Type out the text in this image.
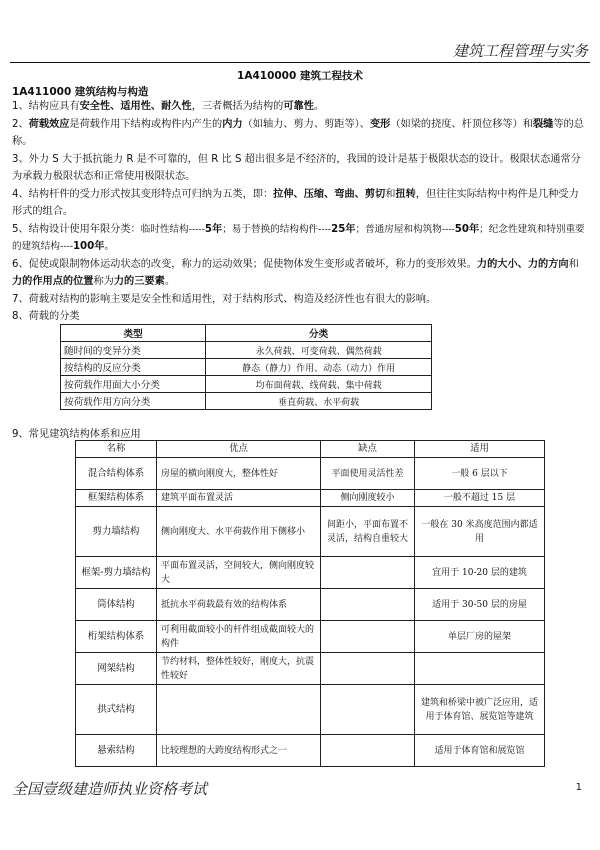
建筑工程管理与实务
1A410000 建筑工程技术
1A411000 建筑结构与构造

1、结构应具有安全性、适用性、耐久性，三者概括为结构的可靠性。

2、荷载效应是荷载作用下结构或构件内产生的内力（如轴力、剪力、剪距等）、变形（如梁的挠度、杆顶位移等）和裂缝等的总称。

3、外力 S 大于抵抗能力 R 是不可靠的，但 R 比 S 超出很多是不经济的，我国的设计是基于极限状态的设计。极限状态通常分为承载力极限状态和正常使用极限状态。

4、结构杆件的受力形式按其变形特点可归纳为五类，即：拉伸、压缩、弯曲、剪切和扭转，但往往实际结构中构件是几种受力形式的组合。

5、结构设计使用年限分类：临时性结构-----5年；易于替换的结构构件----25年；普通房屋和构筑物----50年；纪念性建筑和特别重要的建筑结构----100年。

6、促使或限制物体运动状态的改变，称力的运动效果；促使物体发生变形或者破坏，称力的变形效果。力的大小、力的方向和力的作用点的位置称为力的三要素。

7、荷载对结构的影响主要是安全性和适用性，对于结构形式、构造及经济性也有很大的影响。

8、荷载的分类

类型	分类
随时间的变异分类	永久荷载、可变荷载、偶然荷载
按结构的反应分类	静态（静力）作用、动态（动力）作用
按荷载作用面大小分类	均布面荷载、线荷载、集中荷载
按荷载作用方向分类	垂直荷载、水平荷载
9、常见建筑结构体系和应用
名称	优点	缺点	适用
混合结构体系	房屋的横向刚度大，整体性好	平面使用灵活性差	一般 6 层以下
框架结构体系	建筑平面布置灵活	侧向刚度较小	一般不超过 15 层
剪力墙结构	侧向刚度大、水平荷载作用下侧移小	间距小，平面布置不灵活，结构自重较大	一般在 30 米高度范围内都适用
框架-剪力墙结构	平面布置灵活，空间较大，侧向刚度较大		宜用于 10-20 层的建筑
筒体结构	抵抗水平荷载最有效的结构体系		适用于 30-50 层的房屋
桁架结构体系	可利用截面较小的杆件组成截面较大的构件		单层厂房的屋架
网架结构	节约材料，整体性较好，刚度大，抗震性较好		
拱式结构			建筑和桥梁中被广泛应用，适用于体育馆、展览馆等建筑
悬索结构	比较理想的大跨度结构形式之一		适用于体育馆和展览馆
全国壹级建造师执业资格考试	1
